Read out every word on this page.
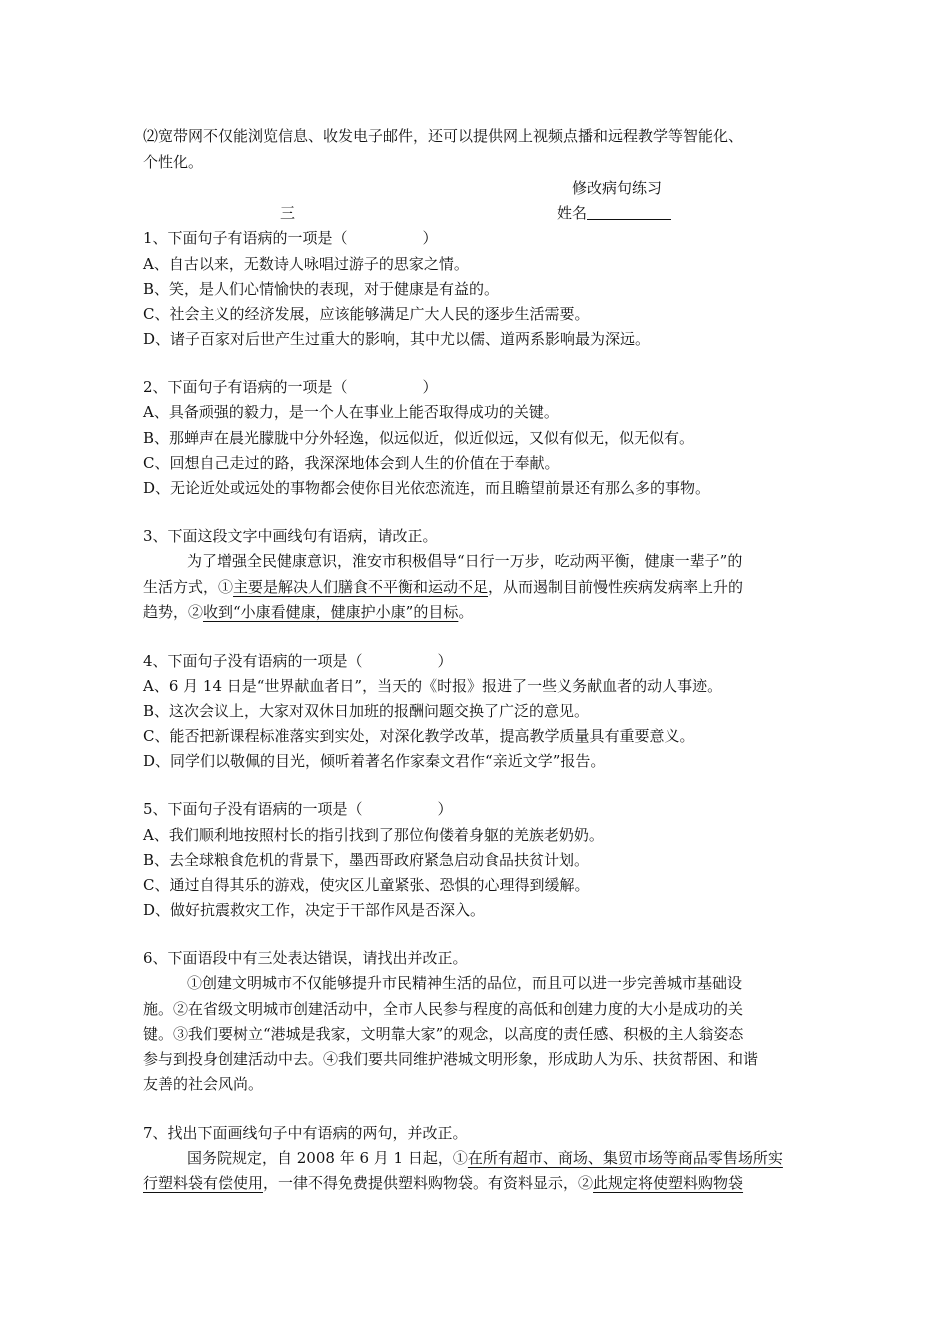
⑵宽带网不仅能浏览信息、收发电子邮件，还可以提供网上视频点播和远程教学等智能化、
个性化。
修改病句练习
三	姓名
1、下面句子有语病的一项是（　　　　　）
A、自古以来，无数诗人咏唱过游子的思家之情。
B、笑，是人们心情愉快的表现，对于健康是有益的。
C、社会主义的经济发展，应该能够满足广大人民的逐步生活需要。
D、诸子百家对后世产生过重大的影响，其中尤以儒、道两系影响最为深远。
2、下面句子有语病的一项是（　　　　　）
A、具备顽强的毅力，是一个人在事业上能否取得成功的关键。
B、那蝉声在晨光朦胧中分外轻逸，似远似近，似近似远，又似有似无，似无似有。
C、回想自己走过的路，我深深地体会到人生的价值在于奉献。
D、无论近处或远处的事物都会使你目光依恋流连，而且瞻望前景还有那么多的事物。
3、下面这段文字中画线句有语病，请改正。
为了增强全民健康意识，淮安市积极倡导“日行一万步，吃动两平衡，健康一辈子”的
生活方式，①主要是解决人们膳食不平衡和运动不足，从而遏制目前慢性疾病发病率上升的
趋势，②收到“小康看健康，健康护小康”的目标。
4、下面句子没有语病的一项是（　　　　　）
A、6 月 14 日是“世界献血者日”，当天的《时报》报进了一些义务献血者的动人事迹。
B、这次会议上，大家对双休日加班的报酬问题交换了广泛的意见。
C、能否把新课程标准落实到实处，对深化教学改革，提高教学质量具有重要意义。
D、同学们以敬佩的目光，倾听着著名作家秦文君作“亲近文学”报告。
5、下面句子没有语病的一项是（　　　　　）
A、我们顺利地按照村长的指引找到了那位佝偻着身躯的羌族老奶奶。
B、去全球粮食危机的背景下，墨西哥政府紧急启动食品扶贫计划。
C、通过自得其乐的游戏，使灾区儿童紧张、恐惧的心理得到缓解。
D、做好抗震救灾工作，决定于干部作风是否深入。
6、下面语段中有三处表达错误，请找出并改正。
①创建文明城市不仅能够提升市民精神生活的品位，而且可以进一步完善城市基础设
施。②在省级文明城市创建活动中，全市人民参与程度的高低和创建力度的大小是成功的关
键。③我们要树立“港城是我家，文明靠大家”的观念，以高度的责任感、积极的主人翁姿态
参与到投身创建活动中去。④我们要共同维护港城文明形象，形成助人为乐、扶贫帮困、和谐
友善的社会风尚。
7、找出下面画线句子中有语病的两句，并改正。
国务院规定，自 2008 年 6 月 1 日起，①在所有超市、商场、集贸市场等商品零售场所实
行塑料袋有偿使用，一律不得免费提供塑料购物袋。有资料显示，②此规定将使塑料购物袋
